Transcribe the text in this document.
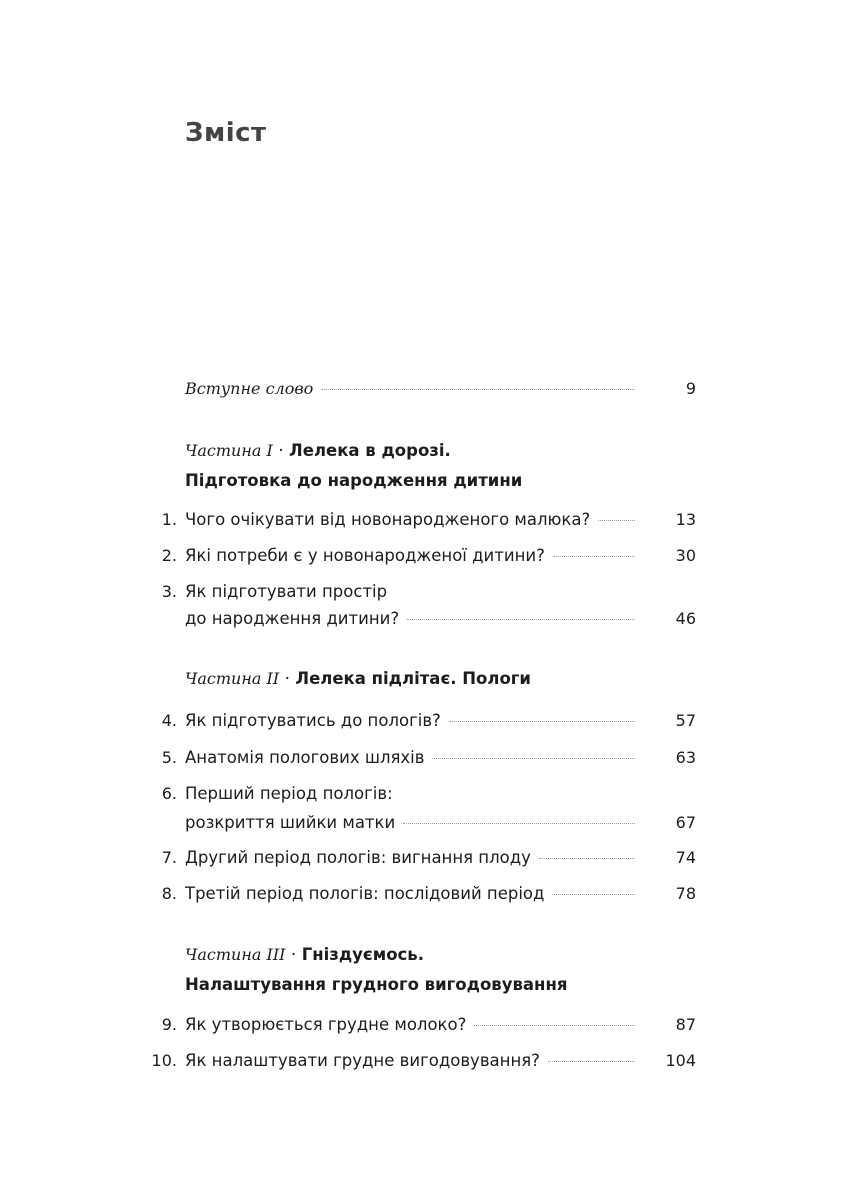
Зміст
Вступне слово	9
Частина I · Лелека в дорозі.
Підготовка до народження дитини
1. Чого очікувати від новонародженого малюка?	13
2. Які потреби є у новонародженої дитини?	30
3. Як підготувати простір
до народження дитини?	46
Частина II · Лелека підлітає. Пологи
4. Як підготуватись до пологів?	57
5. Анатомія пологових шляхів	63
6. Перший період пологів:
розкриття шийки матки	67
7. Другий період пологів: вигнання плоду	74
8. Третій період пологів: послідовий період	78
Частина III · Гніздуємось.
Налаштування грудного вигодовування
9. Як утворюється грудне молоко?	87
10. Як налаштувати грудне вигодовування?	104
